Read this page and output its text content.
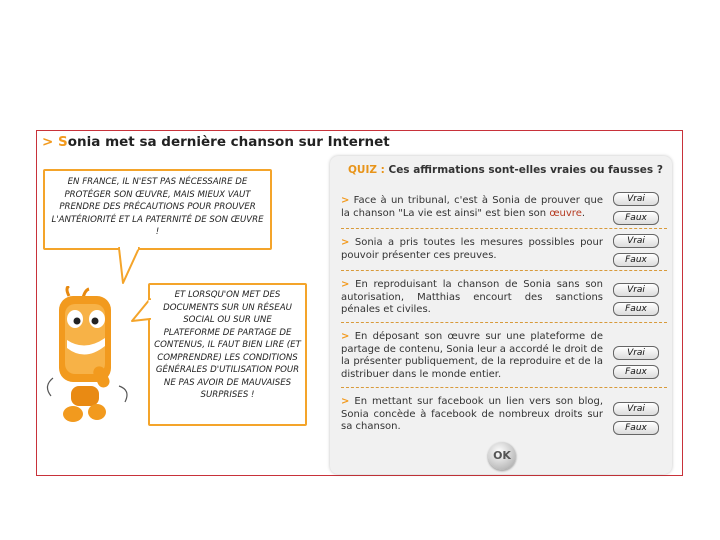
> Sonia met sa dernière chanson sur Internet
EN FRANCE, IL N'EST PAS NÉCESSAIRE DE PROTÉGER SON ŒUVRE, MAIS MIEUX VAUT PRENDRE DES PRÉCAUTIONS POUR PROUVER L'ANTÉRIORITÉ ET LA PATERNITÉ DE SON ŒUVRE !
ET LORSQU'ON MET DES DOCUMENTS SUR UN RÉSEAU SOCIAL OU SUR UNE PLATEFORME DE PARTAGE DE CONTENUS, IL FAUT BIEN LIRE (ET COMPRENDRE) LES CONDITIONS GÉNÉRALES D'UTILISATION POUR NE PAS AVOIR DE MAUVAISES SURPRISES !
QUIZ : Ces affirmations sont-elles vraies ou fausses ?
> Face à un tribunal, c'est à Sonia de prouver que la chanson "La vie est ainsi" est bien son œuvre.
Vrai
Faux
> Sonia a pris toutes les mesures possibles pour pouvoir présenter ces preuves.
Vrai
Faux
> En reproduisant la chanson de Sonia sans son autorisation, Matthias encourt des sanctions pénales et civiles.
Vrai
Faux
> En déposant son œuvre sur une plateforme de partage de contenu, Sonia leur a accordé le droit de la présenter publiquement, de la reproduire et de la distribuer dans le monde entier.
Vrai
Faux
> En mettant sur facebook un lien vers son blog, Sonia concède à facebook de nombreux droits sur sa chanson.
Vrai
Faux
OK
